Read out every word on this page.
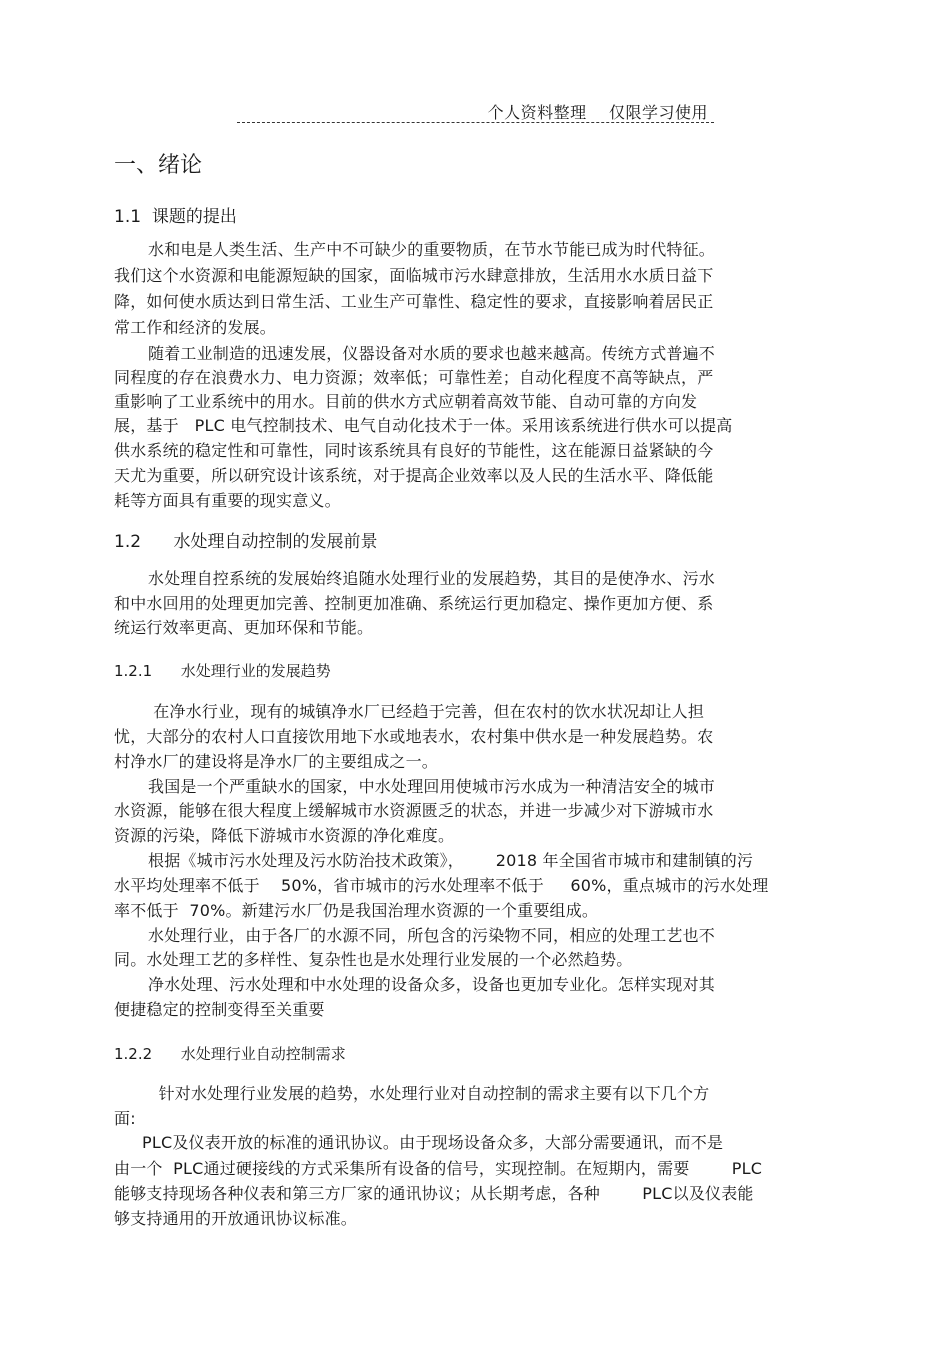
个人资料整理    仅限学习使用
一、绪论
1.1  课题的提出
水和电是人类生活、生产中不可缺少的重要物质，在节水节能已成为时代特征。
我们这个水资源和电能源短缺的国家，面临城市污水肆意排放，生活用水水质日益下
降，如何使水质达到日常生活、工业生产可靠性、稳定性的要求，直接影响着居民正
常工作和经济的发展。
随着工业制造的迅速发展，仪器设备对水质的要求也越来越高。传统方式普遍不
同程度的存在浪费水力、电力资源；效率低；可靠性差；自动化程度不高等缺点，严
重影响了工业系统中的用水。目前的供水方式应朝着高效节能、自动可靠的方向发
展，基于   PLC 电气控制技术、电气自动化技术于一体。采用该系统进行供水可以提高
供水系统的稳定性和可靠性，同时该系统具有良好的节能性，这在能源日益紧缺的今
天尤为重要，所以研究设计该系统，对于提高企业效率以及人民的生活水平、降低能
耗等方面具有重要的现实意义。
1.2      水处理自动控制的发展前景
水处理自控系统的发展始终追随水处理行业的发展趋势，其目的是使净水、污水
和中水回用的处理更加完善、控制更加准确、系统运行更加稳定、操作更加方便、系
统运行效率更高、更加环保和节能。
1.2.1      水处理行业的发展趋势
在净水行业，现有的城镇净水厂已经趋于完善，但在农村的饮水状况却让人担
忧，大部分的农村人口直接饮用地下水或地表水，农村集中供水是一种发展趋势。农
村净水厂的建设将是净水厂的主要组成之一。
我国是一个严重缺水的国家，中水处理回用使城市污水成为一种清洁安全的城市
水资源，能够在很大程度上缓解城市水资源匮乏的状态，并进一步减少对下游城市水
资源的污染，降低下游城市水资源的净化难度。
根据《城市污水处理及污水防治技术政策》，      2018 年全国省市城市和建制镇的污
水平均处理率不低于    50%，省市城市的污水处理率不低于     60%，重点城市的污水处理
率不低于  70%。新建污水厂仍是我国治理水资源的一个重要组成。
水处理行业，由于各厂的水源不同，所包含的污染物不同，相应的处理工艺也不
同。水处理工艺的多样性、复杂性也是水处理行业发展的一个必然趋势。
净水处理、污水处理和中水处理的设备众多，设备也更加专业化。怎样实现对其
便捷稳定的控制变得至关重要
1.2.2      水处理行业自动控制需求
针对水处理行业发展的趋势，水处理行业对自动控制的需求主要有以下几个方
面:
PLC及仪表开放的标准的通讯协议。由于现场设备众多，大部分需要通讯，而不是
由一个  PLC通过硬接线的方式采集所有设备的信号，实现控制。在短期内，需要        PLC
能够支持现场各种仪表和第三方厂家的通讯协议；从长期考虑，各种        PLC以及仪表能
够支持通用的开放通讯协议标准。
